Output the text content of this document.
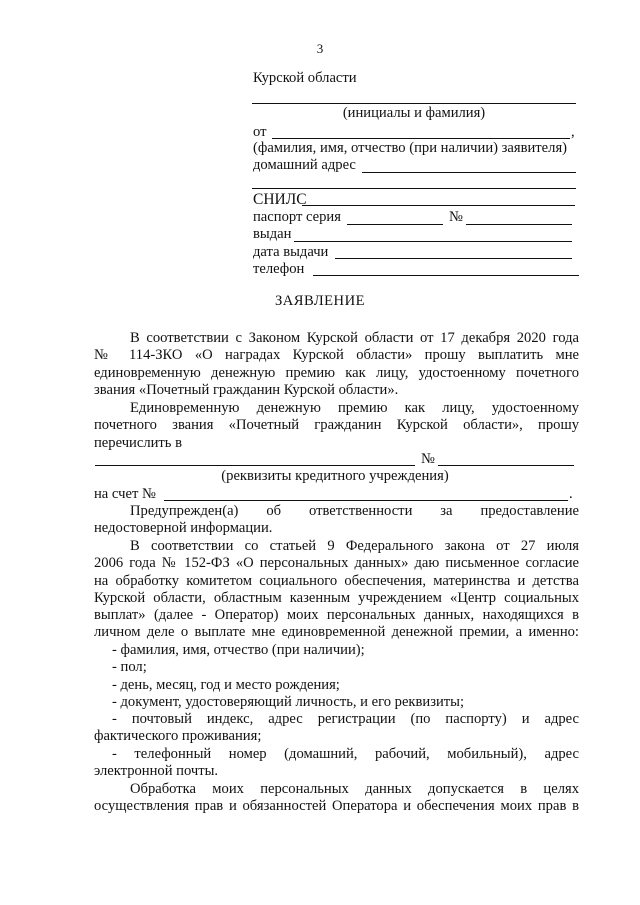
3
Курской области
(инициалы и фамилия)
от	,
(фамилия, имя, отчество (при наличии) заявителя)
домашний адрес
СНИЛС
паспорт серия	№
выдан
дата выдачи
телефон
ЗАЯВЛЕНИЕ
В соответствии с Законом Курской области от 17 декабря 2020 года
№ 114-ЗКО «О наградах Курской области» прошу выплатить мне
единовременную денежную премию как лицу, удостоенному почетного
звания «Почетный гражданин Курской области».
Единовременную денежную премию как лицу, удостоенному
почетного звания «Почетный гражданин Курской области», прошу
перечислить в
№
(реквизиты кредитного учреждения)
на счет №	.
Предупрежден(а) об ответственности за предоставление
недостоверной информации.
В соответствии со статьей 9 Федерального закона от 27 июля
2006 года № 152-ФЗ «О персональных данных» даю письменное согласие
на обработку комитетом социального обеспечения, материнства и детства
Курской области, областным казенным учреждением «Центр социальных
выплат» (далее - Оператор) моих персональных данных, находящихся в
личном деле о выплате мне единовременной денежной премии, а именно:
- фамилия, имя, отчество (при наличии);
- пол;
- день, месяц, год и место рождения;
- документ, удостоверяющий личность, и его реквизиты;
- почтовый индекс, адрес регистрации (по паспорту) и адрес
фактического проживания;
- телефонный номер (домашний, рабочий, мобильный), адрес
электронной почты.
Обработка моих персональных данных допускается в целях
осуществления прав и обязанностей Оператора и обеспечения моих прав в
